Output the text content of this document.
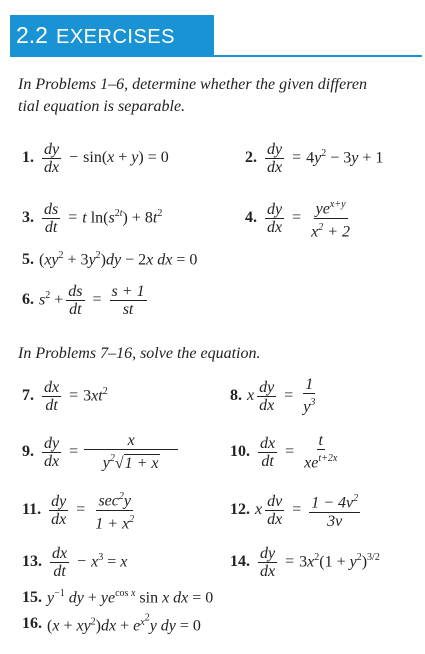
2.2 EXERCISES
In Problems 1–6, determine whether the given differen
tial equation is separable.
1. $\frac{dy}{dx} - \sin(x + y) = 0$	2. $\frac{dy}{dx} = 4y^2 - 3y + 1$
3. $\frac{ds}{dt} = t$ $\ln(s^{2t}) + 8t^2$	4. $\frac{dy}{dx} = \frac{ye^{x+y}}{x^2 + 2}$
5. $(xy^2 + 3y^2)dy - 2x$ dx = 0
6. $s^2 + \frac{ds}{dt} = \frac{s + 1}{st}$
In Problems 7–16, solve the equation.
7. $\frac{dx}{dt} = 3xt^2$	8. x $\frac{dy}{dx} = \frac{1}{y^3}$
9. $\frac{dy}{dx} = \frac{x}{y^2√1 + x}$	10. $\frac{dx}{dt} = \frac{t}{xe^{t+2x}}$
11. $\frac{dy}{dx} = \frac{\sec^2y}{1 + x^2}$	12. x $\frac{dv}{dx} = \frac{1 - 4v^2}{3v}$
13. $\frac{dx}{dt} - x^3 = x$	14. $\frac{dy}{dx} = 3x^2(1 + y^2)^{3/2}$
15. $y^{-1}$ dy + $ye^{cos x}$ sin x dx = 0
16. $(x + xy^2)dx + e^{x^2}y$ dy = 0
